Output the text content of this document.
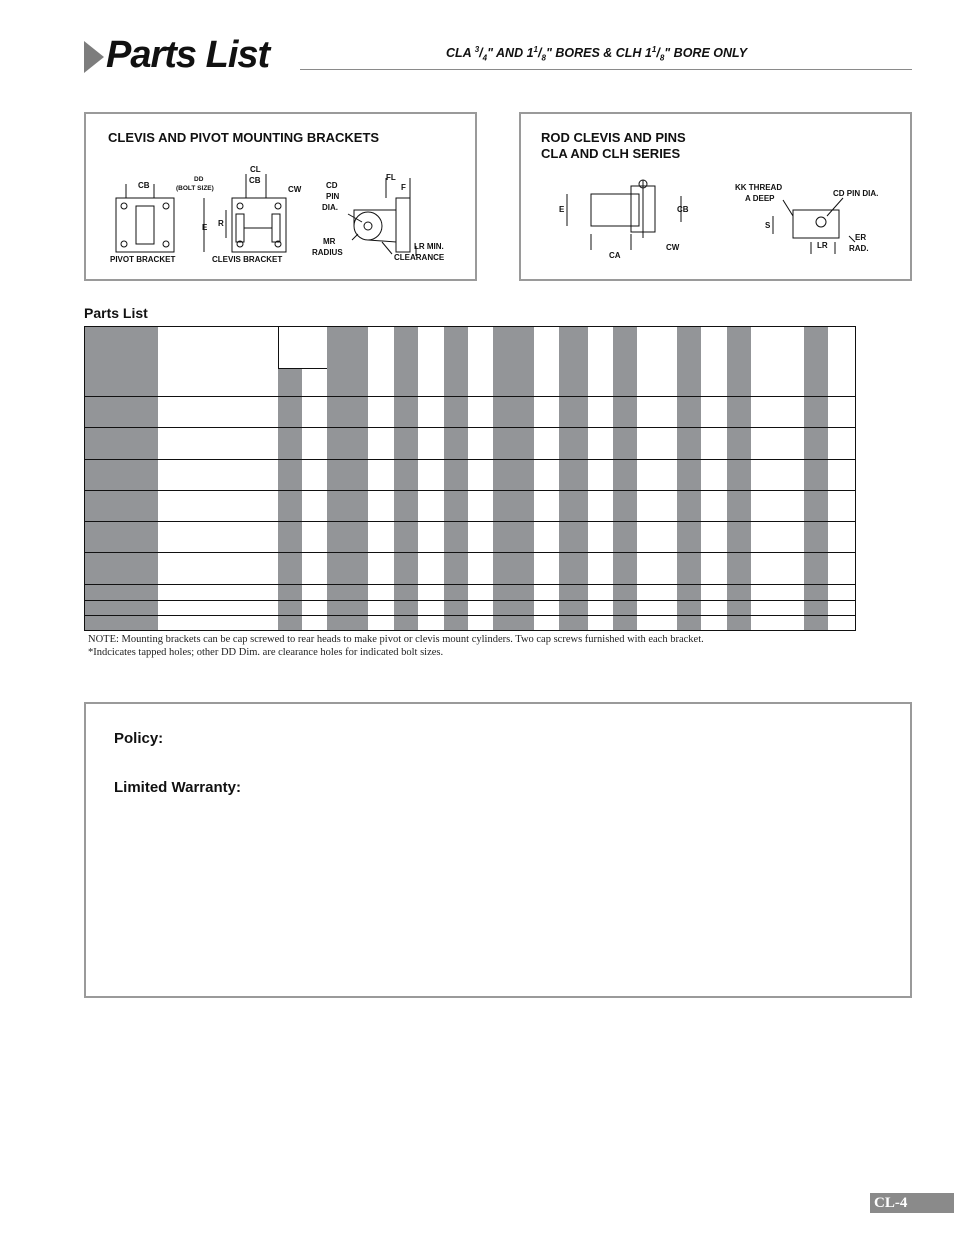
Parts List	CLA $^3/_4$" AND $1^1/_8$" BORES & CLH $1^1/_8$" BORE ONLY
CLEVIS AND PIVOT MOUNTING BRACKETS
CB
DD
(BOLT SIZE)
CL
CB
CW
E R
CD
PIN
DIA.
MR
RADIUS
FL
F
LR MIN.
CLEARANCE
PIVOT BRACKET	CLEVIS BRACKET
ROD CLEVIS AND PINS
CLA AND CLH SERIES
E	CB
CA
CW
KK THREAD
A DEEP
CD PIN DIA.
S
LR
ER
RAD.
Parts List
NOTE: Mounting brackets can be cap screwed to rear heads to make pivot or clevis mount cylinders. Two cap screws furnished with each bracket.
*Indcicates tapped holes; other DD Dim. are clearance holes for indicated bolt sizes.
Policy:
Limited Warranty:
CL-4
